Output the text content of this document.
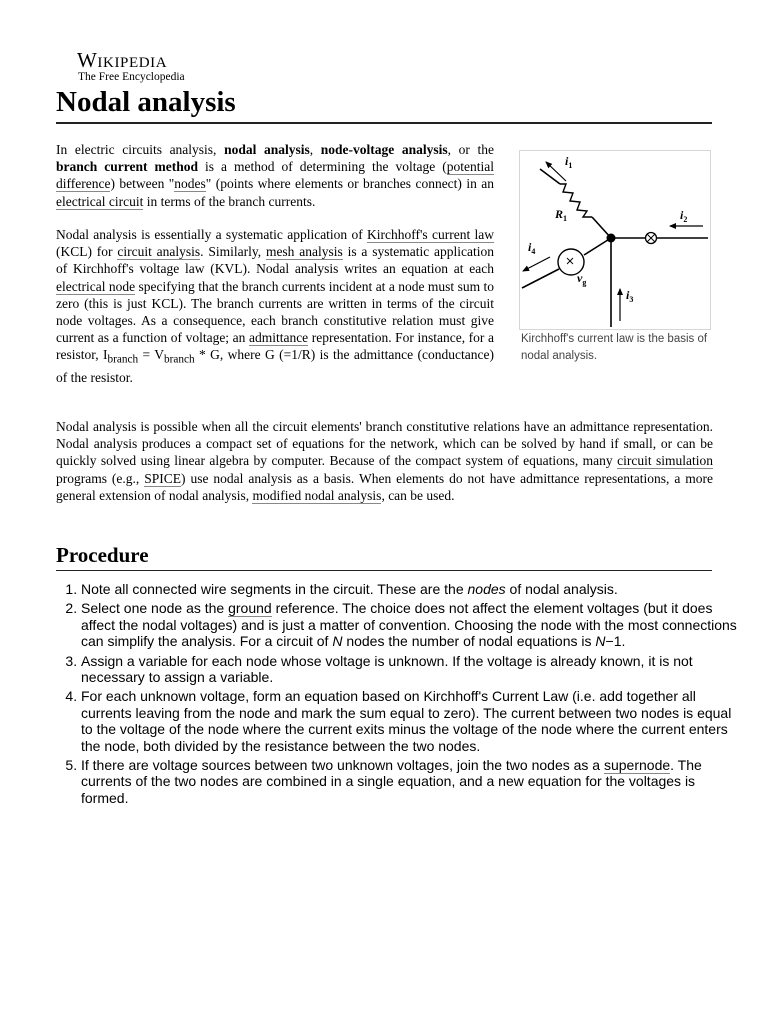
Wikipedia
The Free Encyclopedia
Nodal analysis

In electric circuits analysis, nodal analysis, node-voltage analysis, or the branch current method is a method of determining the voltage (potential difference) between "nodes" (points where elements or branches connect) in an electrical circuit in terms of the branch currents.

Nodal analysis is essentially a systematic application of Kirchhoff's current law (KCL) for circuit analysis. Similarly, mesh analysis is a systematic application of Kirchhoff's voltage law (KVL). Nodal analysis writes an equation at each electrical node specifying that the branch currents incident at a node must sum to zero (this is just KCL). The branch currents are written in terms of the circuit node voltages. As a consequence, each branch constitutive relation must give current as a function of voltage; an admittance representation. For instance, for a resistor, $I_{branch} = V_{branch} * G$, where G (=1/R) is the admittance (conductance) of the resistor.

$i_1$
$R_1$	$i_2$
$i_3$
$i_4$
$v_g$

Kirchhoff's current law is the basis of nodal analysis.

Nodal analysis is possible when all the circuit elements' branch constitutive relations have an admittance representation. Nodal analysis produces a compact set of equations for the network, which can be solved by hand if small, or can be quickly solved using linear algebra by computer. Because of the compact system of equations, many circuit simulation programs (e.g., SPICE) use nodal analysis as a basis. When elements do not have admittance representations, a more general extension of nodal analysis, modified nodal analysis, can be used.

Procedure
1. Note all connected wire segments in the circuit. These are the nodes of nodal analysis.
2. Select one node as the ground reference. The choice does not affect the element voltages (but it does affect the nodal voltages) and is just a matter of convention. Choosing the node with the most connections can simplify the analysis. For a circuit of N nodes the number of nodal equations is N−1.
3. Assign a variable for each node whose voltage is unknown. If the voltage is already known, it is not necessary to assign a variable.
4. For each unknown voltage, form an equation based on Kirchhoff's Current Law (i.e. add together all currents leaving from the node and mark the sum equal to zero). The current between two nodes is equal to the voltage of the node where the current exits minus the voltage of the node where the current enters the node, both divided by the resistance between the two nodes.
5. If there are voltage sources between two unknown voltages, join the two nodes as a supernode. The currents of the two nodes are combined in a single equation, and a new equation for the voltages is formed.
